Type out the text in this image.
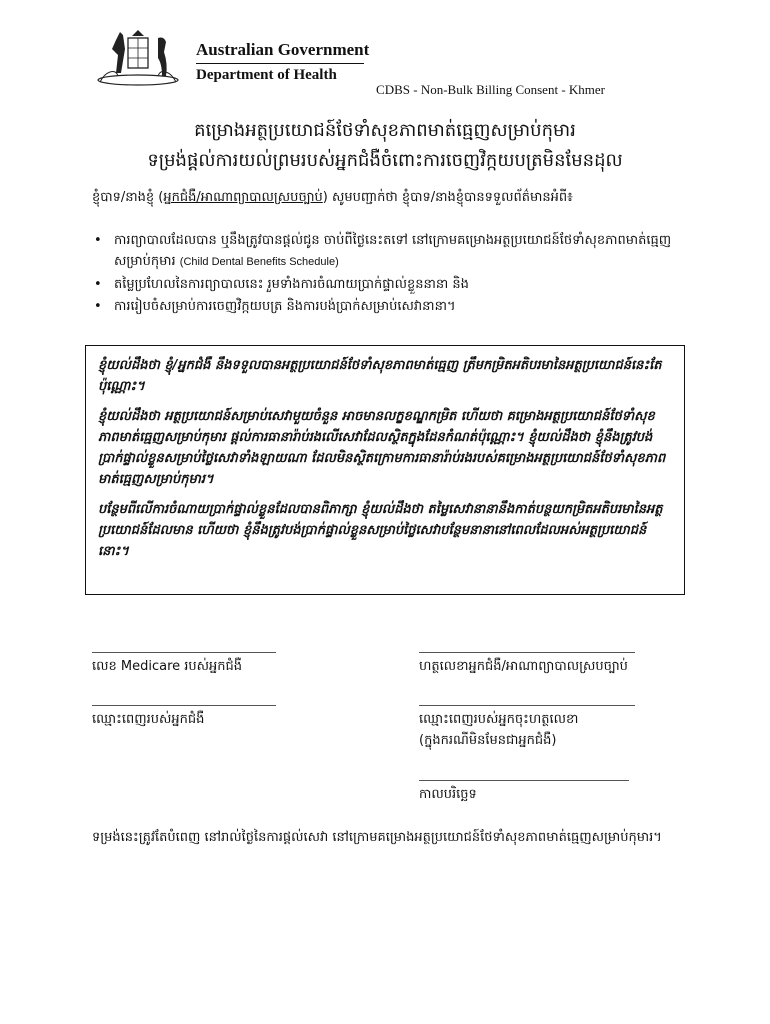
Australian Government
Department of Health
CDBS - Non-Bulk Billing Consent - Khmer
គម្រោងអត្ថប្រយោជន៍ថែទាំសុខភាពមាត់ធ្មេញសម្រាប់កុមារ
ទម្រង់ផ្តល់ការយល់ព្រមរបស់អ្នកជំងឺចំពោះការចេញវិក្កយបត្រមិនមែនដុល
ខ្ញុំបាទ/នាងខ្ញុំ (អ្នកជំងឺ/អាណាព្យាបាលស្របច្បាប់) សូមបញ្ជាក់ថា ខ្ញុំបាទ/នាងខ្ញុំបានទទួលព័ត៌មានអំពី៖
• ការព្យាបាលដែលបាន ឬនឹងត្រូវបានផ្តល់ជូន ចាប់ពីថ្ងៃនេះតទៅ នៅក្រោមគម្រោងអត្ថប្រយោជន៍ថែទាំសុខភាពមាត់ធ្មេញសម្រាប់កុមារ (Child Dental Benefits Schedule)
• តម្លៃប្រហែលនៃការព្យាបាលនេះ រួមទាំងការចំណាយប្រាក់ផ្ទាល់ខ្លួននានា និង
• ការរៀបចំសម្រាប់ការចេញវិក្កយបត្រ និងការបង់ប្រាក់សម្រាប់សេវានានា។

ខ្ញុំយល់ដឹងថា ខ្ញុំ/អ្នកជំងឺ នឹងទទួលបានអត្ថប្រយោជន៍ថែទាំសុខភាពមាត់ធ្មេញ ត្រឹមកម្រិតអតិបរមានៃអត្ថប្រយោជន៍នេះតែប៉ុណ្ណោះ។

ខ្ញុំយល់ដឹងថា អត្ថប្រយោជន៍សម្រាប់សេវាមួយចំនួន អាចមានលក្ខខណ្ឌកម្រិត ហើយថា គម្រោងអត្ថប្រយោជន៍ថែទាំសុខភាពមាត់ធ្មេញសម្រាប់កុមារ ផ្តល់ការធានារ៉ាប់រងលើសេវាដែលស្ថិតក្នុងដែនកំណត់ប៉ុណ្ណោះ។ ខ្ញុំយល់ដឹងថា ខ្ញុំនឹងត្រូវបង់ប្រាក់ផ្ទាល់ខ្លួនសម្រាប់ថ្លៃសេវាទាំងឡាយណា ដែលមិនស្ថិតក្រោមការធានារ៉ាប់រងរបស់គម្រោងអត្ថប្រយោជន៍ថែទាំសុខភាពមាត់ធ្មេញសម្រាប់កុមារ។

បន្ថែមពីលើការចំណាយប្រាក់ផ្ទាល់ខ្លួនដែលបានពិភាក្សា ខ្ញុំយល់ដឹងថា តម្លៃសេវានានានឹងកាត់បន្ថយកម្រិតអតិបរមានៃអត្ថប្រយោជន៍ដែលមាន ហើយថា ខ្ញុំនឹងត្រូវបង់ប្រាក់ផ្ទាល់ខ្លួនសម្រាប់ថ្លៃសេវាបន្ថែមនានានៅពេលដែលអស់អត្ថប្រយោជន៍នោះ។

លេខ Medicare របស់អ្នកជំងឺ	ហត្ថលេខាអ្នកជំងឺ/អាណាព្យាបាលស្របច្បាប់
ឈ្មោះពេញរបស់អ្នកជំងឺ	ឈ្មោះពេញរបស់អ្នកចុះហត្ថលេខា
(ក្នុងករណីមិនមែនជាអ្នកជំងឺ)
កាលបរិច្ឆេទ
ទម្រង់នេះត្រូវតែបំពេញ នៅរាល់ថ្ងៃនៃការផ្តល់សេវា នៅក្រោមគម្រោងអត្ថប្រយោជន៍ថែទាំសុខភាពមាត់ធ្មេញសម្រាប់កុមារ។
